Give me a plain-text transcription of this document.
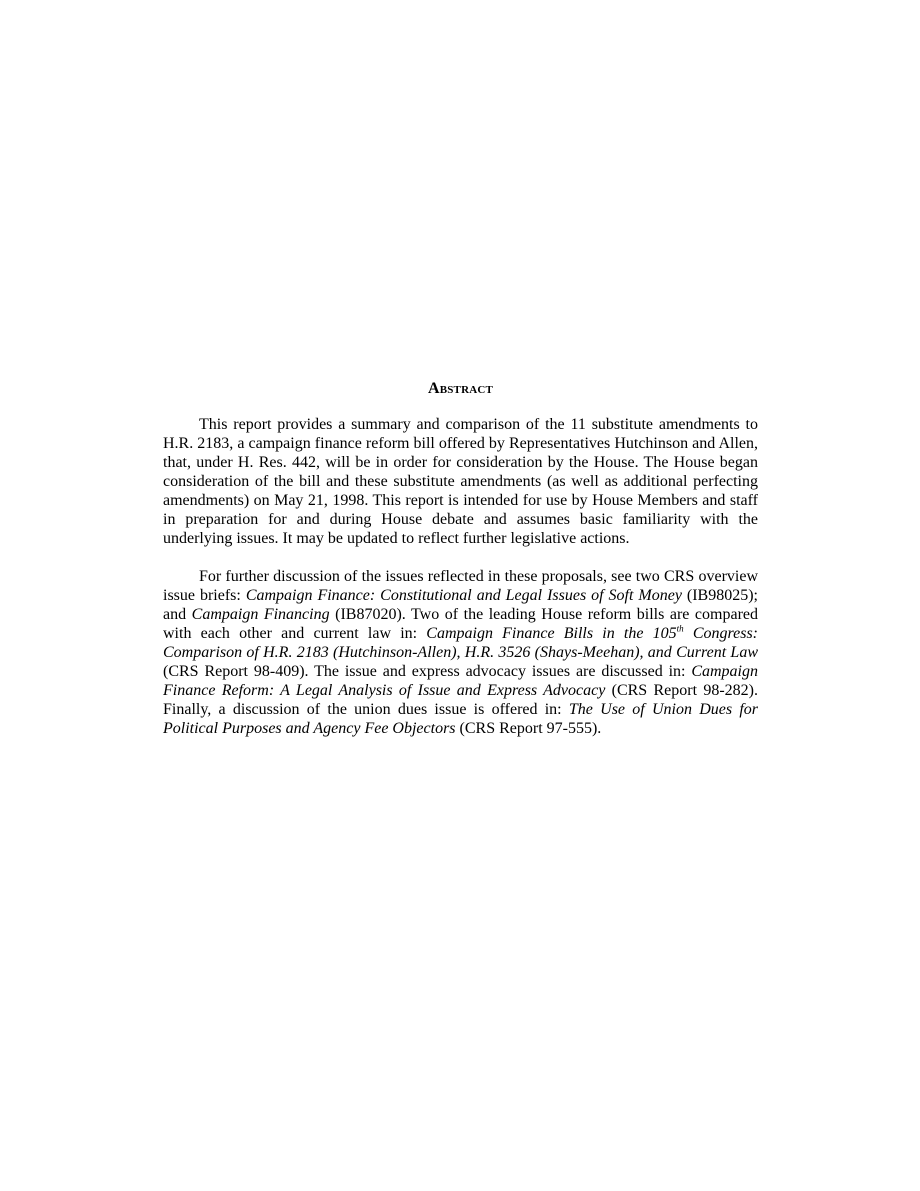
Abstract

This report provides a summary and comparison of the 11 substitute amendments to H.R. 2183, a campaign finance reform bill offered by Representatives Hutchinson and Allen, that, under H. Res. 442, will be in order for consideration by the House. The House began consideration of the bill and these substitute amendments (as well as additional perfecting amendments) on May 21, 1998. This report is intended for use by House Members and staff in preparation for and during House debate and assumes basic familiarity with the underlying issues. It may be updated to reflect further legislative actions.

For further discussion of the issues reflected in these proposals, see two CRS overview issue briefs: Campaign Finance: Constitutional and Legal Issues of Soft Money (IB98025); and Campaign Financing (IB87020). Two of the leading House reform bills are compared with each other and current law in: Campaign Finance Bills in the 105th Congress: Comparison of H.R. 2183 (Hutchinson-Allen), H.R. 3526 (Shays-Meehan), and Current Law (CRS Report 98-409). The issue and express advocacy issues are discussed in: Campaign Finance Reform: A Legal Analysis of Issue and Express Advocacy (CRS Report 98-282). Finally, a discussion of the union dues issue is offered in: The Use of Union Dues for Political Purposes and Agency Fee Objectors (CRS Report 97-555).
